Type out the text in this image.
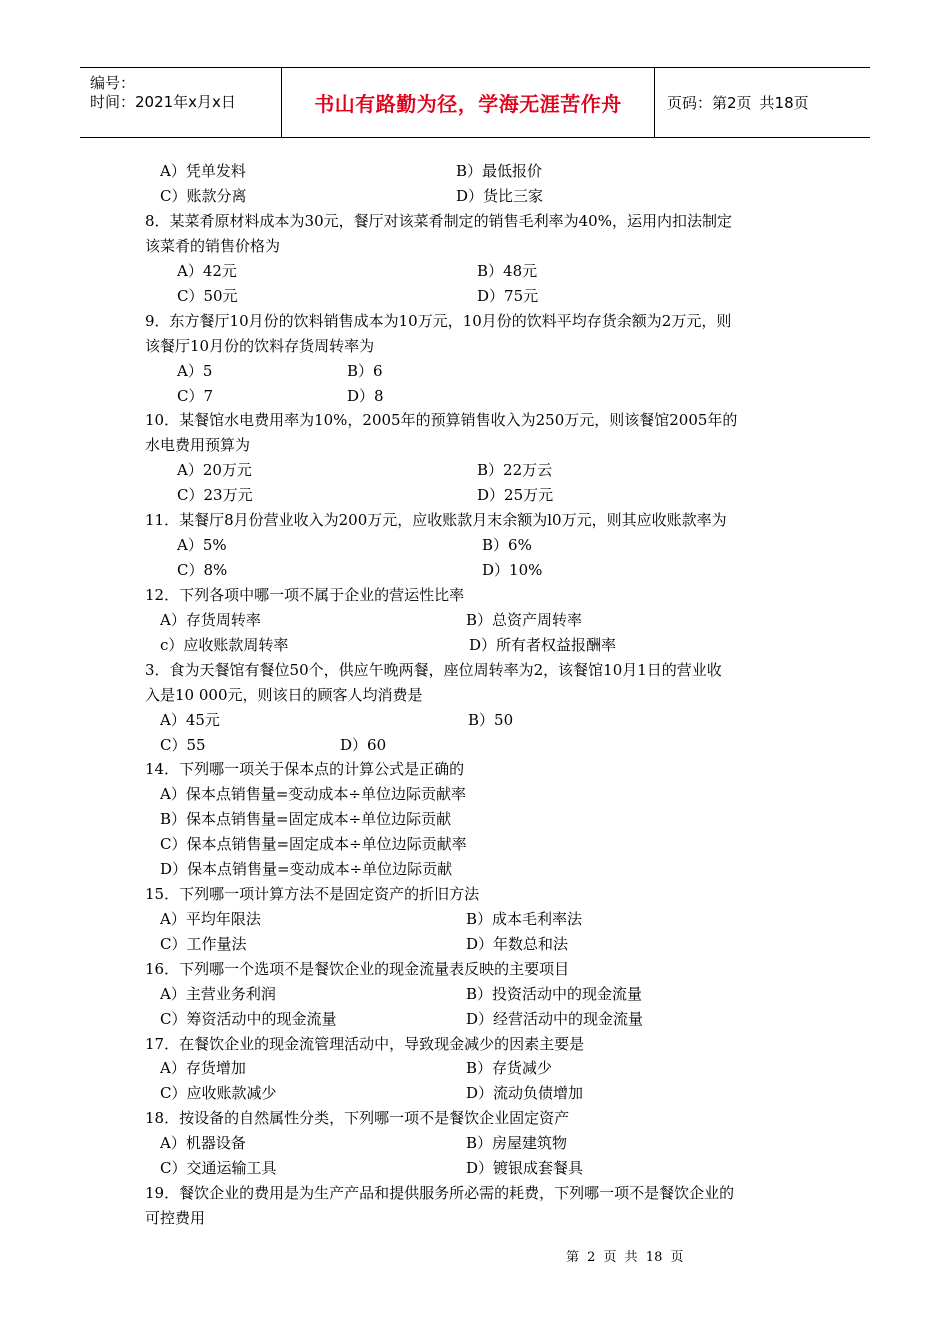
编号：
时间：2021年x月x日	书山有路勤为径，学海无涯苦作舟	页码：第2页 共18页
A）凭单发料	B）最低报价
C）账款分离	D）货比三家
8．某菜肴原材料成本为30元，餐厅对该菜肴制定的销售毛利率为40%，运用内扣法制定
该菜肴的销售价格为
A）42元	B）48元
C）50元	D）75元
9．东方餐厅10月份的饮料销售成本为10万元，10月份的饮料平均存货余额为2万元，则
该餐厅10月份的饮料存货周转率为
A）5	B）6
C）7	D）8
10．某餐馆水电费用率为10%，2005年的预算销售收入为250万元，则该餐馆2005年的
水电费用预算为
A）20万元	B）22万云
C）23万元	D）25万元
11．某餐厅8月份营业收入为200万元，应收账款月末余额为l0万元，则其应收账款率为
A）5%	B）6%
C）8%	D）10%
12．下列各项中哪一项不属于企业的营运性比率
A）存货周转率	B）总资产周转率
c）应收账款周转率	D）所有者权益报酬率
3．食为天餐馆有餐位50个，供应午晚两餐，座位周转率为2，该餐馆10月1日的营业收
入是10 000元，则该日的顾客人均消费是
A）45元	B）50
C）55	D）60
14．下列哪一项关于保本点的计算公式是正确的
A）保本点销售量=变动成本÷单位边际贡献率
B）保本点销售量=固定成本÷单位边际贡献
C）保本点销售量=固定成本÷单位边际贡献率
D）保本点销售量=变动成本÷单位边际贡献
15．下列哪一项计算方法不是固定资产的折旧方法
A）平均年限法	B）成本毛利率法
C）工作量法	D）年数总和法
16．下列哪一个选项不是餐饮企业的现金流量表反映的主要项目
A）主营业务利润	B）投资活动中的现金流量
C）筹资活动中的现金流量	D）经营活动中的现金流量
17．在餐饮企业的现金流管理活动中，导致现金减少的因素主要是
A）存货增加	B）存货减少
C）应收账款减少	D）流动负债增加
18．按设备的自然属性分类，下列哪一项不是餐饮企业固定资产
A）机器设备	B）房屋建筑物
C）交通运输工具	D）镀银成套餐具
19．餐饮企业的费用是为生产产品和提供服务所必需的耗费，下列哪一项不是餐饮企业的
可控费用
第 2 页 共 18 页
